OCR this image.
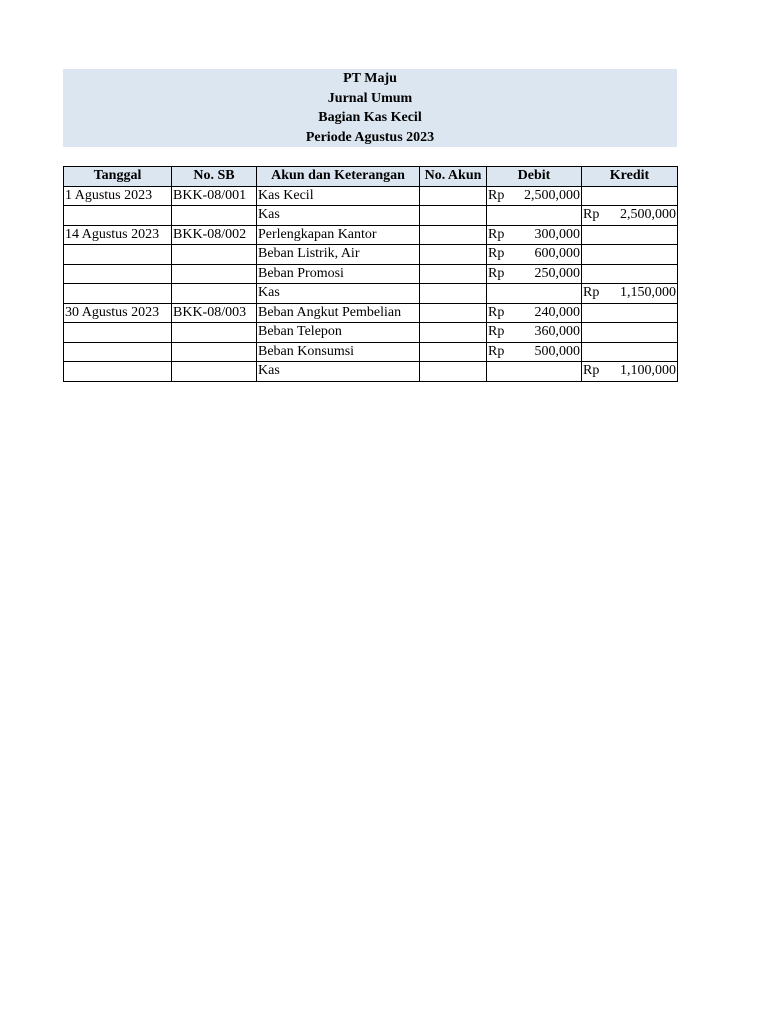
PT Maju
Jurnal Umum
Bagian Kas Kecil
Periode Agustus 2023
Tanggal	No. SB	Akun dan Keterangan	No. Akun	Debit	Kredit
1 Agustus 2023	BKK-08/001	Kas Kecil		Rp 2,500,000	

		Kas			Rp 2,500,000

14 Agustus 2023	BKK-08/002	Perlengkapan Kantor		Rp 300,000	

		Beban Listrik, Air		Rp 600,000	

		Beban Promosi		Rp 250,000	

		Kas			Rp 1,150,000

30 Agustus 2023	BKK-08/003	Beban Angkut Pembelian		Rp 240,000	

		Beban Telepon		Rp 360,000	

		Beban Konsumsi		Rp 500,000	

		Kas			Rp 1,100,000
